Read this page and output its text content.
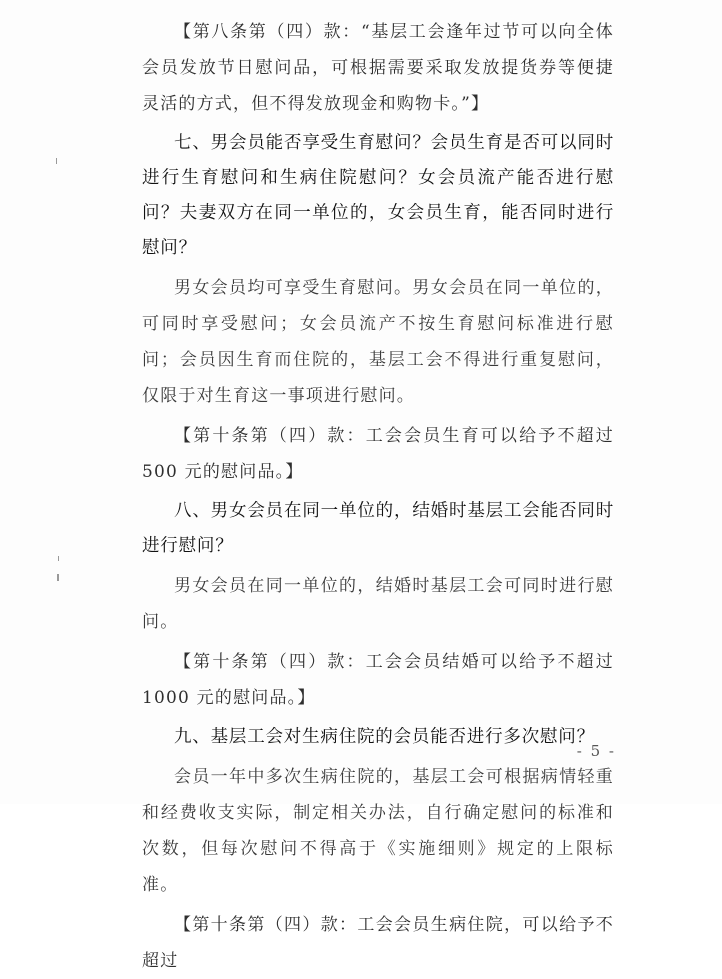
【第八条第（四）款：“基层工会逢年过节可以向全体会员发放节日慰问品，可根据需要采取发放提货券等便捷灵活的方式，但不得发放现金和购物卡。”】

七、男会员能否享受生育慰问？会员生育是否可以同时进行生育慰问和生病住院慰问？女会员流产能否进行慰问？夫妻双方在同一单位的，女会员生育，能否同时进行慰问？

男女会员均可享受生育慰问。男女会员在同一单位的，可同时享受慰问；女会员流产不按生育慰问标准进行慰问；会员因生育而住院的，基层工会不得进行重复慰问，仅限于对生育这一事项进行慰问。

【第十条第（四）款：工会会员生育可以给予不超过 500 元的慰问品。】

八、男女会员在同一单位的，结婚时基层工会能否同时进行慰问？

男女会员在同一单位的，结婚时基层工会可同时进行慰问。

【第十条第（四）款：工会会员结婚可以给予不超过 1000 元的慰问品。】

九、基层工会对生病住院的会员能否进行多次慰问？

会员一年中多次生病住院的，基层工会可根据病情轻重和经费收支实际，制定相关办法，自行确定慰问的标准和次数，但每次慰问不得高于《实施细则》规定的上限标准。

【第十条第（四）款：工会会员生病住院，可以给予不超过

- 5 -
